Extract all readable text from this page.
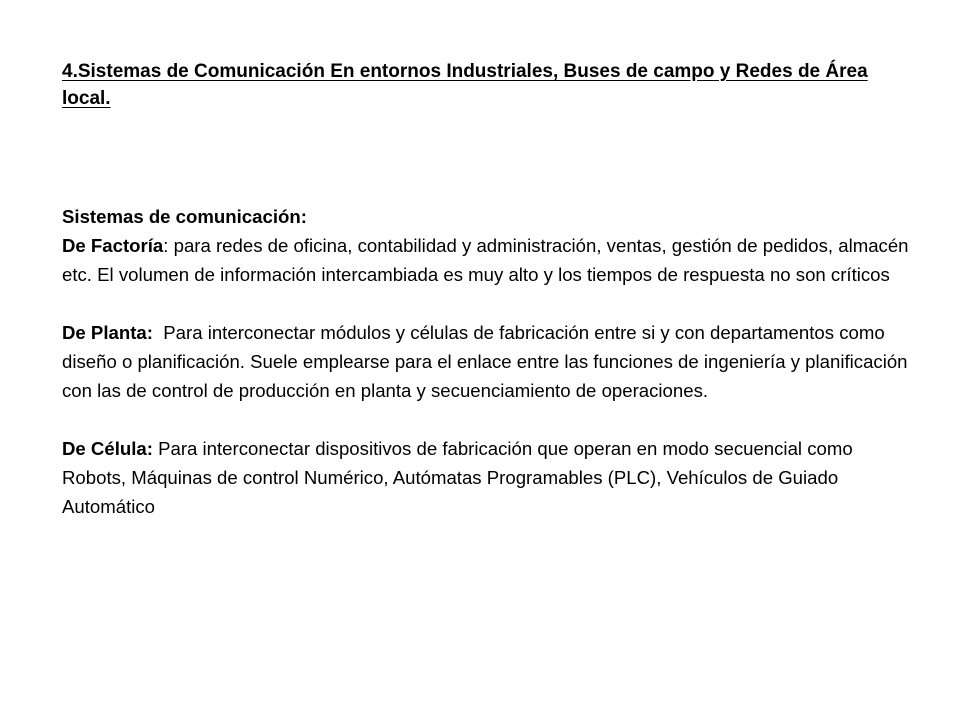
4.Sistemas de Comunicación En entornos Industriales, Buses de campo y Redes de Área local.

Sistemas de comunicación:

De Factoría: para redes de oficina, contabilidad y administración, ventas, gestión de pedidos, almacén etc. El volumen de información intercambiada es muy alto y los tiempos de respuesta no son críticos

De Planta:  Para interconectar módulos y células de fabricación entre si y con departamentos como diseño o planificación. Suele emplearse para el enlace entre las funciones de ingeniería y planificación con las de control de producción en planta y secuenciamiento de operaciones.

De Célula: Para interconectar dispositivos de fabricación que operan en modo secuencial como Robots, Máquinas de control Numérico, Autómatas Programables (PLC), Vehículos de Guiado Automático
